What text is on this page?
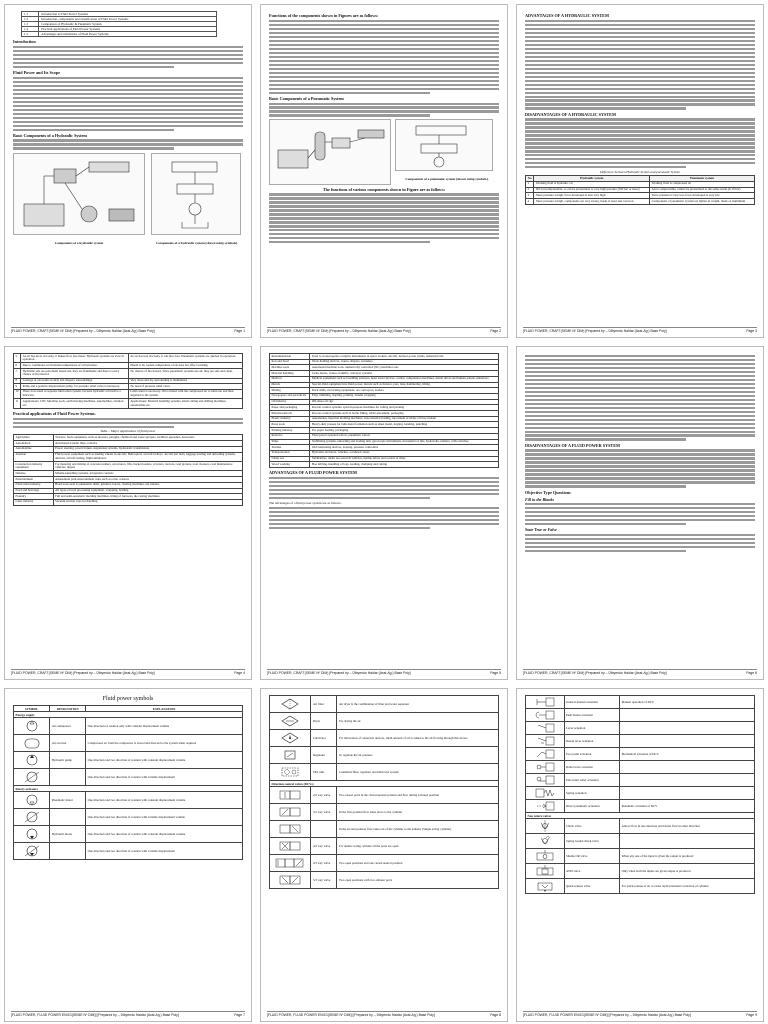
1.1	Introduction to Fluid Power Systems
1.2	Introduction, components and classification of Fluid Power Systems
1.3	Comparison of Hydraulic & Pneumatic System
1.4	Practical applications of Fluid Power Systems
1.5	Advantages and Limitations of Fluid Power Systems
Introduction
Fluid Power and Its Scope
Basic Components of a Hydraulic System
Components of a hydraulic system	Components of a hydraulic system (shown using symbols).
[FLUID POWER, CRAFT(SEME Nº DIM) [Prepared by – Dibyendu Haldar (Asst.Ag.) Base Poly]	Page 1
Functions of the components shown in Figures are as follows:
Basic Components of a Pneumatic System
Components of a pneumatic system (shown using symbols).
The functions of various components shown in Figure are as follows:
[FLUID POWER, CRAFT(SEME Nº DIM) [Prepared by – Dibyendu Haldar (Asst.Ag.) Base Poly]	Page 2
ADVANTAGES OF A HYDRAULIC SYSTEM
DISADVANTAGES OF A HYDRAULIC SYSTEM
Difference between Hydraulic System and pneumatic System
No	Hydraulic system	Pneumatic system
1	Working fluid is hydraulic oil	Working fluid is compressed air
2	Oil is incompressible, so can be pressurized to very high pressure (500 bar or more)	Air is compressible, cannot be pressurized to the same extent (6-10 bar)
3	Since pressure is high, force developed is also very high	Since pressure is very low, force developed is very low
4	Since pressure is high, components are very strong, made of steel and cast iron	Components of pneumatic system are lighter in weight, made of aluminium
[FLUID POWER, CRAFT(SEME Nº DIM) [Prepared by – Dibyendu Haldar (Asst.Ag.) Base Poly]	Page 3
5	As oil has more viscosity, it makes flow less linear. Hydraulic systems are slow in operation.	As air has less viscosity, it can flow fast. Pneumatic systems are quicker in operation.
6	Due to continuous recirculation temperature of oil increases.	Needs to be cooled, temperature of air does not affect working.
7	Hydraulic oils are petroleum based oils, they are flammable and there is every chance of fire hazard.	No chance of fire hazard. Since pneumatic systems use air, they are safe and clean.
8	Leakage of oil results in dirty and slippery surroundings.	Very clean and dry surrounding is maintained.
9	Pump and a positive displacement pump, for pressure relief valve is necessary.	No need of pressure relief valve.
10	There is no need of separate lubrication system, because hydraulic oil itself is a lubricant.	Lubrication is necessary. Oil is mixed with the compressed air to lubricate and then supplied to the system.
11	Applications: CNC Machine tools, earth moving machines, automobiles, aviation etc.	Applications: Material handling systems, small cutting and drilling machines, automobiles etc.
Practical applications of Fluid Power Systems.
Table – Major applications of fluid power
Agriculture	Tractors, farm equipment, such as mowers, ploughs, chemical and water sprayers, fertilizer spreaders, harvesters
Automation	Automated transfer lines, robotics
Automobiles	Power steering, power brakes, suspension systems, hydrostatic transmission
Aviation	Fluid power equipment such as landing wheels in aircraft; Helicopters, aircraft trolleys, aircraft test beds, luggage loading and unloading systems, ailerons, aircraft testing, flight simulators
Construction industry equipment	For metering and mixing of concrete rudders, excavators, lifts, bucket loaders, crawlers, tractors, road graders, road cleaners, road maintenance vehicles, tippers
Defense	Missile-launching systems, navigation controls
Entertainment	Amusement park entertainment rides such as roller coasters
Fabrication industry	Hand tools such as pneumatic drills, grinders, borers, riveting machines, nut runners
Food and beverage	All types of food processing equipment, wrapping, bottling
Foundry	Full and semi-automatic molding machines, tilting of furnaces, die casting machines
Glass industry	Vacuum suction cups for handling
[FLUID POWER, CRAFT(SEME Nº DIM) [Prepared by – Dibyendu Haldar (Asst.Ag.) Base Poly]	Page 4
Instrumentation	Used to create/operate complex instruments in space rockets, aircraft, nuclear power plants, industrial labs
Iron and Steel	Work-holding devices, cranes, shapers, extruders
Machine tools	Automated machine tools, numerically controlled (NC) machine tools
Material handling	Jacks, hoists, cranes, forklifts, conveyor systems
Medical	Medical equipment such as breathing assistors, heart assist devices, cardiac compression machines, dental drives and human patient simulators
Metals	Special-fluid equipment into fluid power, metals such as furnace, pots, lane, hammering, lifting
Mining	Rock drills, excavating equipment, ore conveyors, loaders
Newspapers and periodicals	Edge trimming, stapling, printing, bundle wrapping
Oil industry	Off-shore oil rigs
Paper and packaging	Process control systems, special-purpose machines for rolling and packing
Pharmaceuticals	Process control systems such as bottle filling, tablet placement, packaging
Plastic industry	Automation, injection molding machines, base material feeding, movement of slides of blow molder
Press tools	Heavy-duty presses for bulk metal formation such as sheet metal, forging, bending, punching
Printing industry	For paper feeding, packaging
Robotics	Fluid power operated robots, pneumatic robots
Ships	Stabilizing systems, unloading and loading unit, gyroscopic instruments, movement of fins, hydrofoils, rudders, cable winches
Textiles	Web tensioning devices, looping, pressure controllers
Transportation	Hydraulic elevators, winches, overhead cranes
Under sea	Submarines, under sea research vehicles, marine drives and control of ships
Wood working	Hoe drilling, handling of logs, feeding, clamping and cutting
ADVANTAGES OF A FLUID POWER SYSTEM

The advantages of a fluid power system are as follows.

[FLUID POWER, CRAFT(SEME Nº DIM) [Prepared by – Dibyendu Haldar (Asst.Ag.) Base Poly]	Page 5
DISADVANTAGES OF A FLUID POWER SYSTEM
Objective Type Questions
Fill in the Blanks
State True or False
[FLUID POWER, CRAFT(SEME Nº DIM) [Prepared by – Dibyendu Haldar (Asst.Ag.) Base Poly]	Page 6
Fluid power symbols
SYMBOL	DESIGNATION	EXPLANATION
Energy supply		
	Air compressor	One direction of rotation only with constant displacement volume
	Air receiver	Compressed air from the compressor is stored and directed to the system when required
	Hydraulic pump	One direction and two direction of rotation with constant displacement volume
		One direction and two direction of rotation with variable displacement
Rotary actuators		
	Pneumatic motor	One direction and two direction of rotation with constant displacement volume
		One direction and two direction of rotation with variable displacement volume
	Hydraulic motor	One direction and two direction of rotation with constant displacement volume
		One direction and two direction of rotation with variable displacement
[FLUID POWER, FLUID POWER ENGG(SEME Nº DIM)] [Prepared by – Dibyendu Haldar (Asst.Ag.) Base Poly]	Page 7
	Air filter	Air dryer is the combination of filter and water separator
	Dryer	For drying the air
	Lubricator	For lubrication of connected devices, small amount of oil is added to the air flowing through this device
	Regulator	To regulate the air pressure
	FRL unit	Combined filter, regulator and lubricator system
Direction control valves (DCVs)		
	2/2 way valve	Two closed ports in the closed neutral position and flow during actuated position
	3/2 way valve	In the first position flow takes place to the cylinder
		In the second position flow takes out of the cylinder to the exhaust (Single acting cylinder)
	4/2 way valve	For double acting cylinder all the ports are open
	4/3 way valve	Two open positions and one closed neutral position
	5/2 way valve	Two open positions with two exhaust ports
[FLUID POWER, FLUID POWER ENGG(SEME Nº DIM)] [Prepared by – Dibyendu Haldar (Asst.Ag.) Base Poly]	Page 8
	General manual actuation	Manual operation of DCV
	Push button actuation	
	Lever actuation	
	Detent lever actuation	
	Foot pedal actuation	Mechanical actuation of DCV
	Roller lever actuation	
	Idle return roller actuation	
	Spring actuation	
	Direct pneumatic actuation	Pneumatic actuation of DCV
Non return valves		
	Check valve	Allows flow in one direction and blocks flow in other direction
	Spring loaded check valve	
	Shuttle OR valve	When any one of the input is given the output is produced
	AND valve	Only when both the inputs are given output is produced
	Quick release valve	For quick release of air to cause rapid extension/ retraction of cylinder
[FLUID POWER, FLUID POWER ENGG(SEME Nº DIM)] [Prepared by – Dibyendu Haldar (Asst.Ag.) Base Poly]	Page 9
